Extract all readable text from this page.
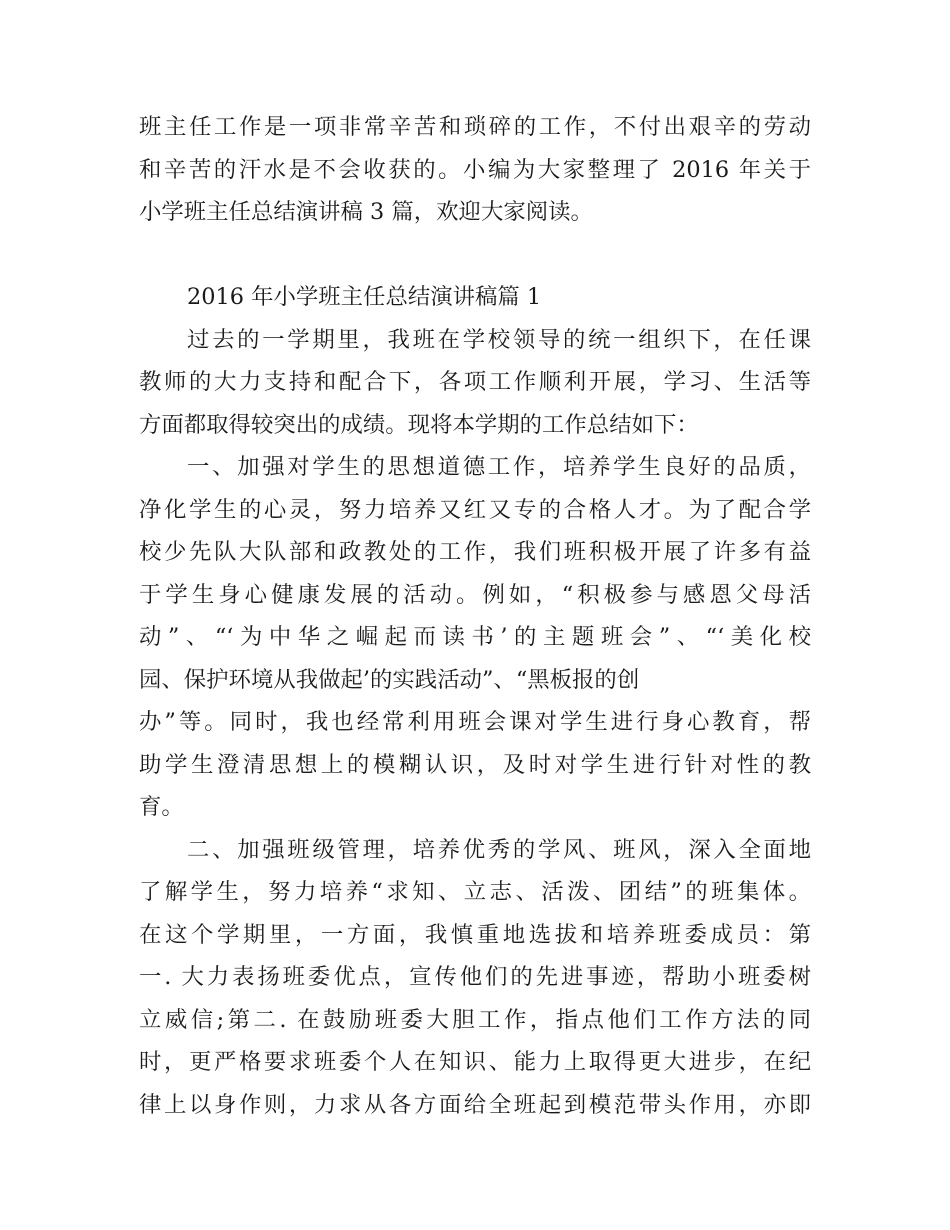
班主任工作是一项非常辛苦和琐碎的工作，不付出艰辛的劳动
和辛苦的汗水是不会收获的。小编为大家整理了 2016 年关于
小学班主任总结演讲稿 3 篇，欢迎大家阅读。
2016 年小学班主任总结演讲稿篇 1
过去的一学期里，我班在学校领导的统一组织下，在任课
教师的大力支持和配合下，各项工作顺利开展，学习、生活等
方面都取得较突出的成绩。现将本学期的工作总结如下：
一、加强对学生的思想道德工作，培养学生良好的品质，
净化学生的心灵，努力培养又红又专的合格人才。为了配合学
校少先队大队部和政教处的工作，我们班积极开展了许多有益
于学生身心健康发展的活动。例如，“积极参与感恩父母活
动”、“‘为中华之崛起而读书’的主题班会”、“‘美化校
园、保护环境从我做起’的实践活动”、“黑板报的创
办”等。同时，我也经常利用班会课对学生进行身心教育，帮
助学生澄清思想上的模糊认识，及时对学生进行针对性的教
育。
二、加强班级管理，培养优秀的学风、班风，深入全面地
了解学生，努力培养“求知、立志、活泼、团结”的班集体。
在这个学期里，一方面，我慎重地选拔和培养班委成员：第
一. 大力表扬班委优点，宣传他们的先进事迹，帮助小班委树
立威信;第二. 在鼓励班委大胆工作，指点他们工作方法的同
时，更严格要求班委个人在知识、能力上取得更大进步，在纪
律上以身作则，力求从各方面给全班起到模范带头作用，亦即
